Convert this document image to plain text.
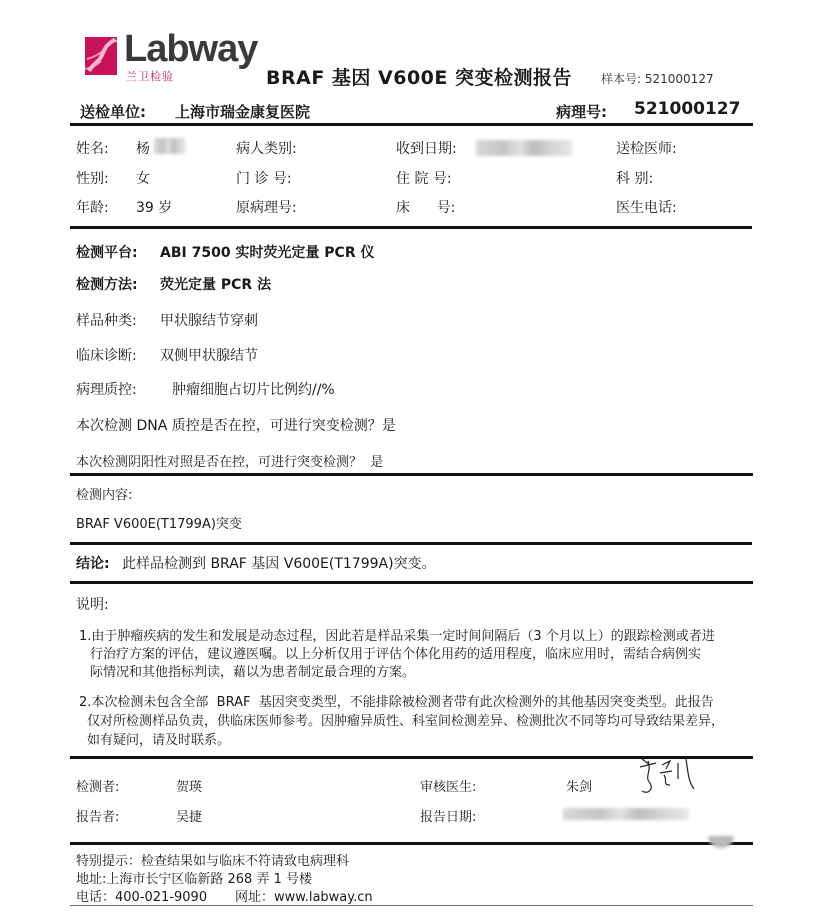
Labway
兰卫检验	BRAF 基因 V600E 突变检测报告 样本号: 521000127
送检单位: 上海市瑞金康复医院	病理号: 521000127
姓名: 杨	病人类别:	收到日期:	送检医师:
性别: 女	门 诊 号:	住 院 号:	科 别:
年龄: 39 岁	原病理号:	床      号:	医生电话:
检测平台: ABI 7500 实时荧光定量 PCR 仪
检测方法: 荧光定量 PCR 法
样品种类: 甲状腺结节穿刺
临床诊断: 双侧甲状腺结节
病理质控:	肿瘤细胞占切片比例约//%
本次检测 DNA 质控是否在控，可进行突变检测？是
本次检测阴阳性对照是否在控，可进行突变检测？  是
检测内容:
BRAF V600E(T1799A)突变
结论: 此样品检测到 BRAF 基因 V600E(T1799A)突变。
说明:
1.由于肿瘤疾病的发生和发展是动态过程，因此若是样品采集一定时间间隔后（3 个月以上）的跟踪检测或者进
行治疗方案的评估，建议遵医嘱。以上分析仅用于评估个体化用药的适用程度，临床应用时，需结合病例实
际情况和其他指标判读，藉以为患者制定最合理的方案。
2.本次检测未包含全部  BRAF  基因突变类型，不能排除被检测者带有此次检测外的其他基因突变类型。此报告
仅对所检测样品负责，供临床医师参考。因肿瘤异质性、科室间检测差异、检测批次不同等均可导致结果差异，
如有疑问，请及时联系。
检测者:	贺瑛	审核医生:	朱剑
报告者:	吴捷	报告日期:
特别提示：检查结果如与临床不符请致电病理科
地址:上海市长宁区临新路 268 弄 1 号楼
电话：400-021-9090 网址：www.labway.cn
